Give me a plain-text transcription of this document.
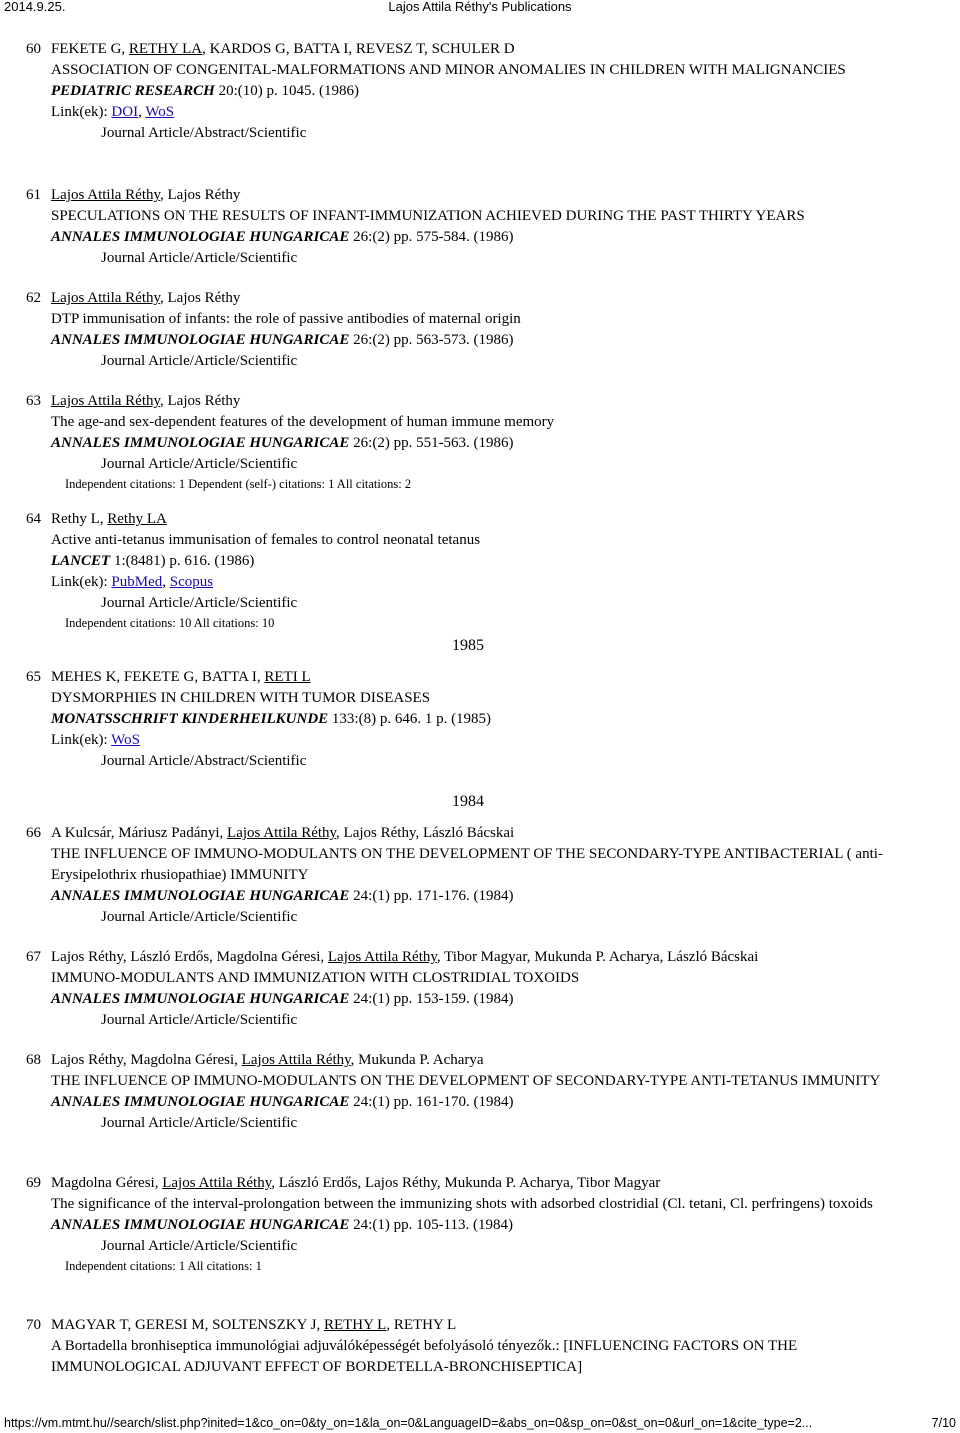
2014.9.25.	Lajos Attila Réthy's Publications
60 FEKETE G, RETHY LA, KARDOS G, BATTA I, REVESZ T, SCHULER D
ASSOCIATION OF CONGENITAL-MALFORMATIONS AND MINOR ANOMALIES IN CHILDREN WITH MALIGNANCIES
PEDIATRIC RESEARCH 20:(10) p. 1045. (1986)
Link(ek): DOI, WoS
Journal Article/Abstract/Scientific
61 Lajos Attila Réthy, Lajos Réthy
SPECULATIONS ON THE RESULTS OF INFANT-IMMUNIZATION ACHIEVED DURING THE PAST THIRTY YEARS
ANNALES IMMUNOLOGIAE HUNGARICAE 26:(2) pp. 575-584. (1986)
Journal Article/Article/Scientific
62 Lajos Attila Réthy, Lajos Réthy
DTP immunisation of infants: the role of passive antibodies of maternal origin
ANNALES IMMUNOLOGIAE HUNGARICAE 26:(2) pp. 563-573. (1986)
Journal Article/Article/Scientific
63 Lajos Attila Réthy, Lajos Réthy
The age-and sex-dependent features of the development of human immune memory
ANNALES IMMUNOLOGIAE HUNGARICAE 26:(2) pp. 551-563. (1986)
Journal Article/Article/Scientific
Independent citations: 1 Dependent (self-) citations: 1 All citations: 2
64 Rethy L, Rethy LA
Active anti-tetanus immunisation of females to control neonatal tetanus
LANCET 1:(8481) p. 616. (1986)
Link(ek): PubMed, Scopus
Journal Article/Article/Scientific
Independent citations: 10 All citations: 10
1985
65 MEHES K, FEKETE G, BATTA I, RETI L
DYSMORPHIES IN CHILDREN WITH TUMOR DISEASES
MONATSSCHRIFT KINDERHEILKUNDE 133:(8) p. 646. 1 p. (1985)
Link(ek): WoS
Journal Article/Abstract/Scientific
1984
66 A Kulcsár, Máriusz Padányi, Lajos Attila Réthy, Lajos Réthy, László Bácskai
THE INFLUENCE OF IMMUNO-MODULANTS ON THE DEVELOPMENT OF THE SECONDARY-TYPE ANTIBACTERIAL ( anti- Erysipelothrix rhusiopathiae) IMMUNITY
ANNALES IMMUNOLOGIAE HUNGARICAE 24:(1) pp. 171-176. (1984)
Journal Article/Article/Scientific
67 Lajos Réthy, László Erdős, Magdolna Géresi, Lajos Attila Réthy, Tibor Magyar, Mukunda P. Acharya, László Bácskai
IMMUNO-MODULANTS AND IMMUNIZATION WITH CLOSTRIDIAL TOXOIDS
ANNALES IMMUNOLOGIAE HUNGARICAE 24:(1) pp. 153-159. (1984)
Journal Article/Article/Scientific
68 Lajos Réthy, Magdolna Géresi, Lajos Attila Réthy, Mukunda P. Acharya
THE INFLUENCE OP IMMUNO-MODULANTS ON THE DEVELOPMENT OF SECONDARY-TYPE ANTI-TETANUS IMMUNITY
ANNALES IMMUNOLOGIAE HUNGARICAE 24:(1) pp. 161-170. (1984)
Journal Article/Article/Scientific
69 Magdolna Géresi, Lajos Attila Réthy, László Erdős, Lajos Réthy, Mukunda P. Acharya, Tibor Magyar
The significance of the interval-prolongation between the immunizing shots with adsorbed clostridial (Cl. tetani, Cl. perfringens) toxoids
ANNALES IMMUNOLOGIAE HUNGARICAE 24:(1) pp. 105-113. (1984)
Journal Article/Article/Scientific
Independent citations: 1 All citations: 1
70 MAGYAR T, GERESI M, SOLTENSZKY J, RETHY L, RETHY L
A Bortadella bronhiseptica immunológiai adjuválóképességét befolyásoló tényezők.: [INFLUENCING FACTORS ON THE IMMUNOLOGICAL ADJUVANT EFFECT OF BORDETELLA-BRONCHISEPTICA]
https://vm.mtmt.hu//search/slist.php?inited=1&co_on=0&ty_on=1&la_on=0&LanguageID=&abs_on=0&sp_on=0&st_on=0&url_on=1&cite_type=2...	7/10
